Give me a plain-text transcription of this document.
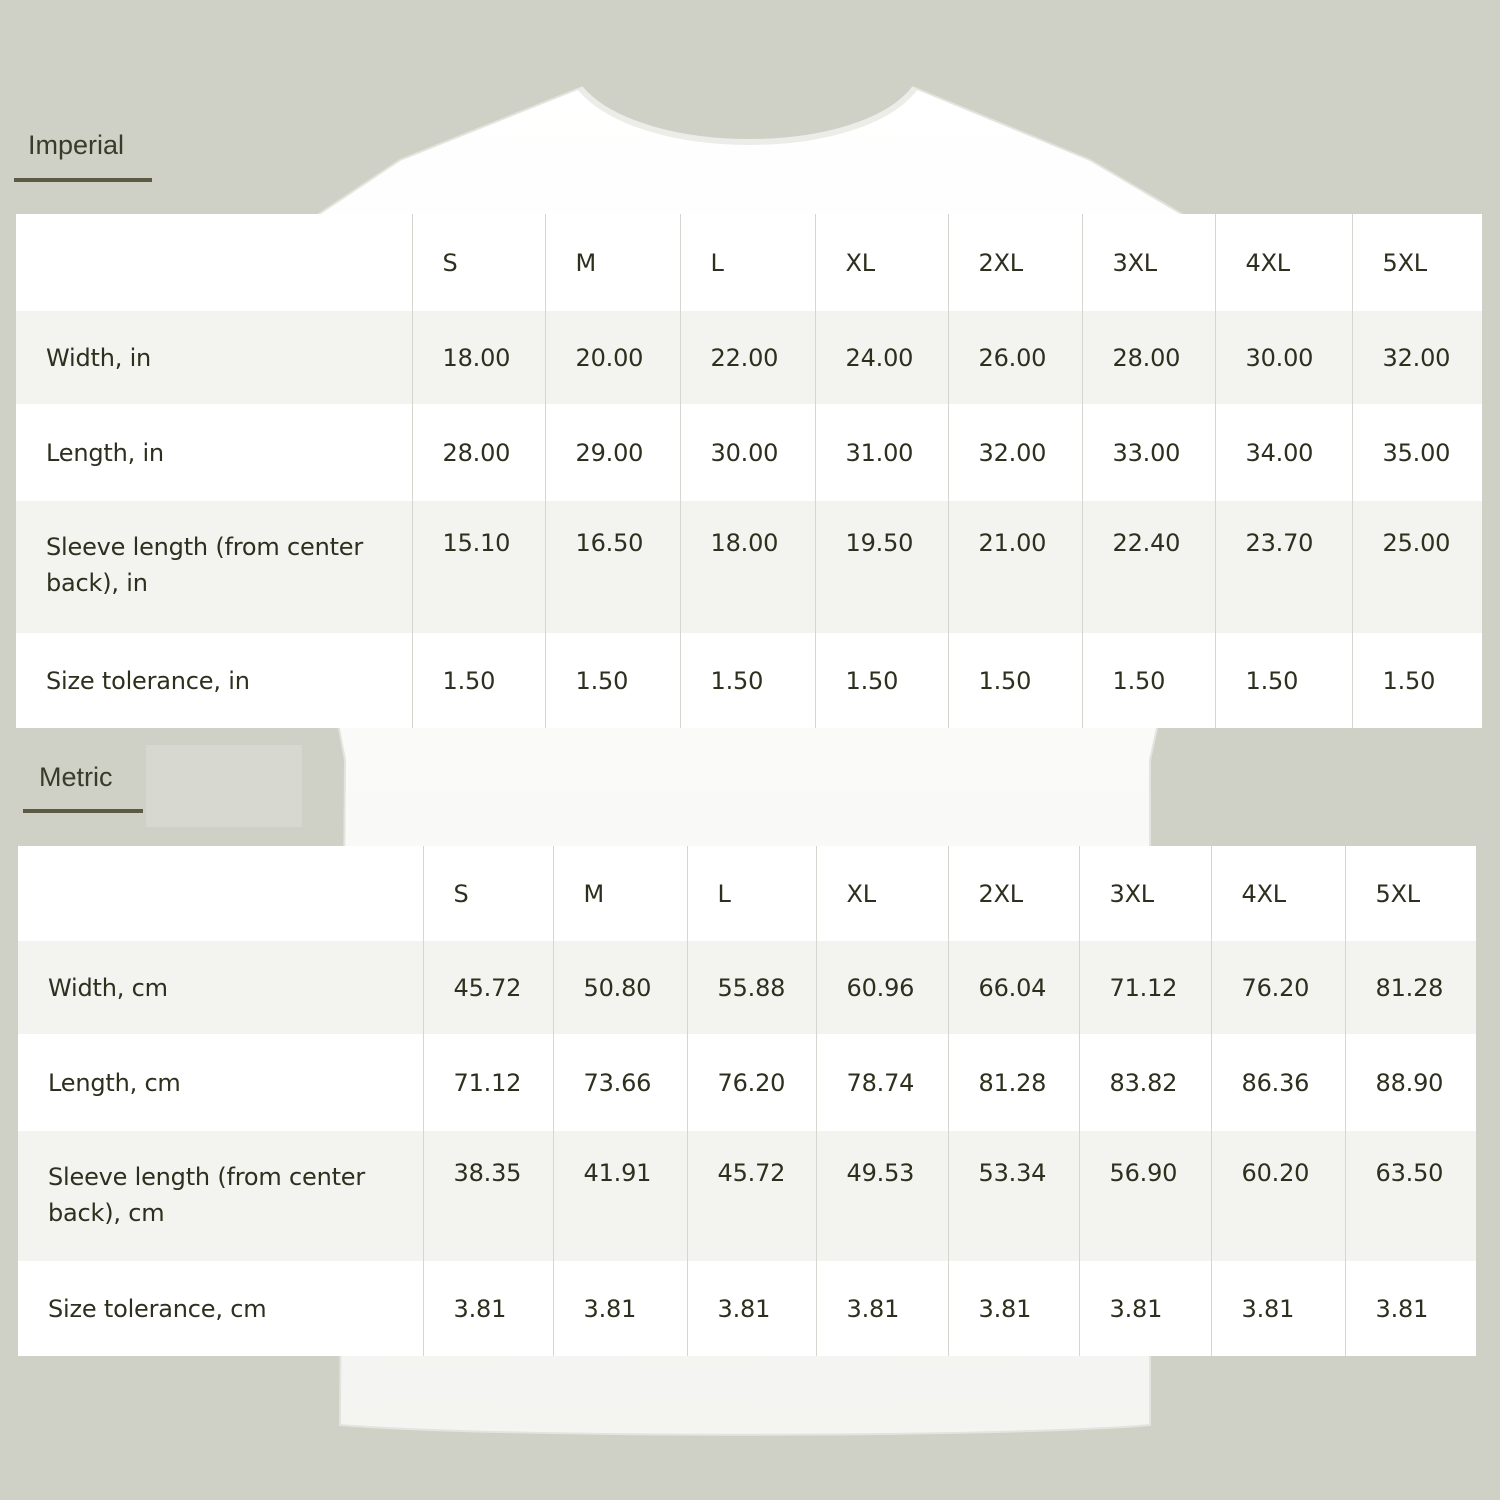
Imperial
	S	M	L	XL	2XL	3XL	4XL	5XL
Width, in	18.00	20.00	22.00	24.00	26.00	28.00	30.00	32.00
Length, in	28.00	29.00	30.00	31.00	32.00	33.00	34.00	35.00
Sleeve length (from center back), in	15.10	16.50	18.00	19.50	21.00	22.40	23.70	25.00
Size tolerance, in	1.50	1.50	1.50	1.50	1.50	1.50	1.50	1.50
Metric
	S	M	L	XL	2XL	3XL	4XL	5XL
Width, cm	45.72	50.80	55.88	60.96	66.04	71.12	76.20	81.28
Length, cm	71.12	73.66	76.20	78.74	81.28	83.82	86.36	88.90
Sleeve length (from center back), cm	38.35	41.91	45.72	49.53	53.34	56.90	60.20	63.50
Size tolerance, cm	3.81	3.81	3.81	3.81	3.81	3.81	3.81	3.81
